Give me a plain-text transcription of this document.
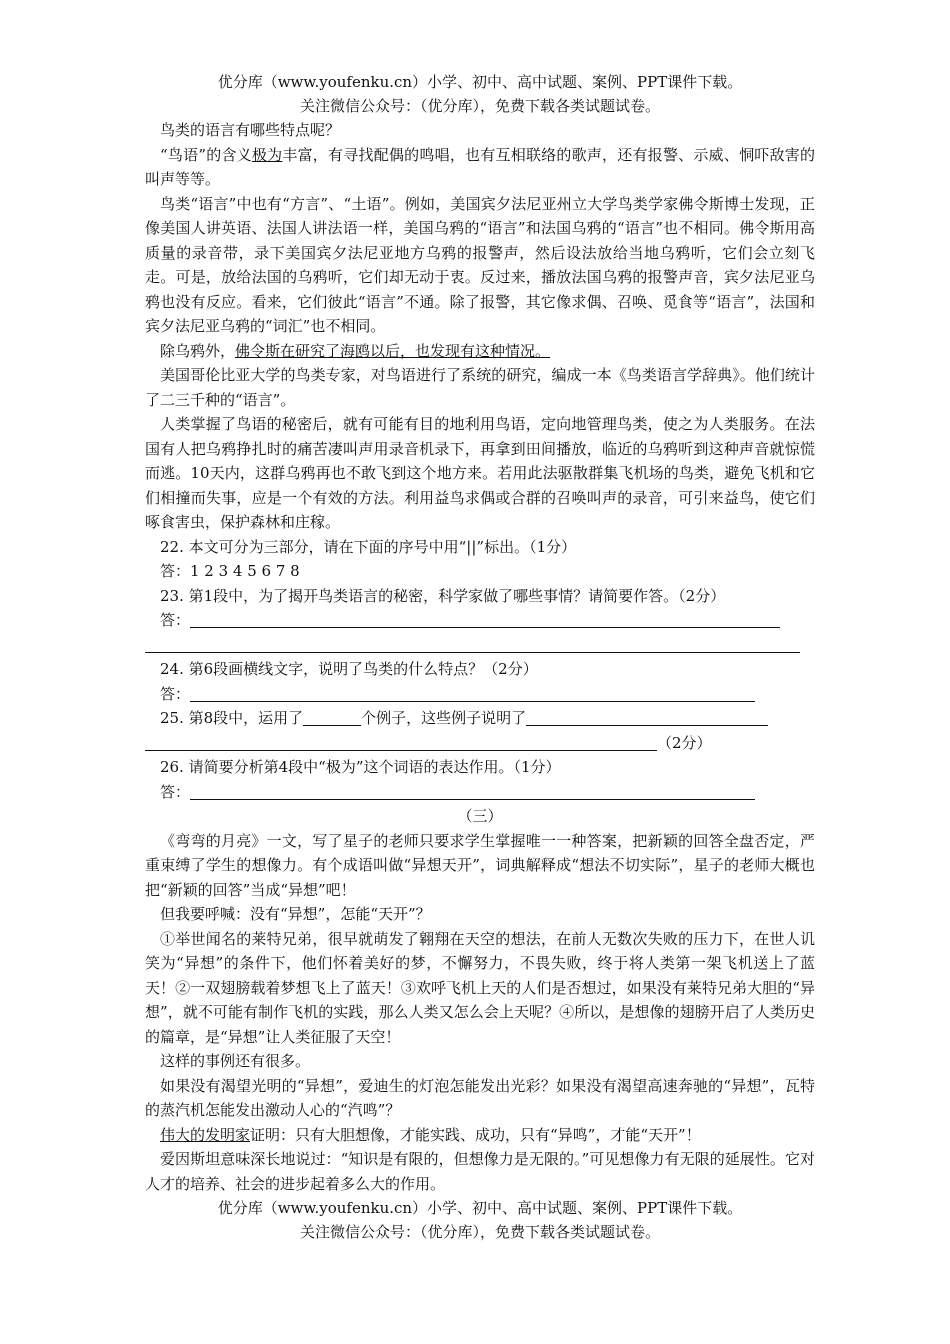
优分库（www.youfenku.cn）小学、初中、高中试题、案例、PPT课件下载。
关注微信公众号：（优分库），免费下载各类试题试卷。

鸟类的语言有哪些特点呢？

“鸟语”的含义极为丰富，有寻找配偶的鸣唱，也有互相联络的歌声，还有报警、示威、恫吓敌害的叫声等等。

鸟类“语言”中也有“方言”、“土语”。例如，美国宾夕法尼亚州立大学鸟类学家佛令斯博士发现，正像美国人讲英语、法国人讲法语一样，美国乌鸦的“语言”和法国乌鸦的“语言”也不相同。佛令斯用高质量的录音带，录下美国宾夕法尼亚地方乌鸦的报警声，然后设法放给当地乌鸦听，它们会立刻飞走。可是，放给法国的乌鸦听，它们却无动于衷。反过来，播放法国乌鸦的报警声音，宾夕法尼亚乌鸦也没有反应。看来，它们彼此“语言”不通。除了报警，其它像求偶、召唤、觅食等“语言”，法国和宾夕法尼亚乌鸦的“词汇”也不相同。

除乌鸦外，佛令斯在研究了海鸥以后，也发现有这种情况。

美国哥伦比亚大学的鸟类专家，对鸟语进行了系统的研究，编成一本《鸟类语言学辞典》。他们统计了二三千种的“语言”。

人类掌握了鸟语的秘密后，就有可能有目的地利用鸟语，定向地管理鸟类，使之为人类服务。在法国有人把乌鸦挣扎时的痛苦凄叫声用录音机录下，再拿到田间播放，临近的乌鸦听到这种声音就惊慌而逃。10天内，这群乌鸦再也不敢飞到这个地方来。若用此法驱散群集飞机场的鸟类，避免飞机和它们相撞而失事，应是一个有效的方法。利用益鸟求偶或合群的召唤叫声的录音，可引来益鸟，使它们啄食害虫，保护森林和庄稼。

22. 本文可分为三部分，请在下面的序号中用“||”标出。（1分）
答：1 2 3 4 5 6 7 8
23. 第1段中，为了揭开鸟类语言的秘密，科学家做了哪些事情？请简要作答。（2分）
答：
24. 第6段画横线文字，说明了鸟类的什么特点？（2分）
答：
25. 第8段中，运用了	个例子，这些例子说明了
（2分）
26. 请简要分析第4段中“极为”这个词语的表达作用。（1分）
答：
（三）

《弯弯的月亮》一文，写了星子的老师只要求学生掌握唯一一种答案，把新颖的回答全盘否定，严重束缚了学生的想像力。有个成语叫做“异想天开”，词典解释成“想法不切实际”，星子的老师大概也把“新颖的回答”当成“异想”吧！

但我要呼喊：没有“异想”，怎能“天开”？

①举世闻名的莱特兄弟，很早就萌发了翱翔在天空的想法，在前人无数次失败的压力下，在世人讥笑为“异想”的条件下，他们怀着美好的梦，不懈努力，不畏失败，终于将人类第一架飞机送上了蓝天！②一双翅膀载着梦想飞上了蓝天！③欢呼飞机上天的人们是否想过，如果没有莱特兄弟大胆的“异想”，就不可能有制作飞机的实践，那么人类又怎么会上天呢？④所以，是想像的翅膀开启了人类历史的篇章，是“异想”让人类征服了天空！

这样的事例还有很多。

如果没有渴望光明的“异想”，爱迪生的灯泡怎能发出光彩？如果没有渴望高速奔驰的“异想”，瓦特的蒸汽机怎能发出激动人心的“汽鸣”？

伟大的发明家证明：只有大胆想像，才能实践、成功，只有“异鸣”，才能“天开”！

爱因斯坦意味深长地说过：“知识是有限的，但想像力是无限的。”可见想像力有无限的延展性。它对人才的培养、社会的进步起着多么大的作用。

优分库（www.youfenku.cn）小学、初中、高中试题、案例、PPT课件下载。
关注微信公众号：（优分库），免费下载各类试题试卷。
